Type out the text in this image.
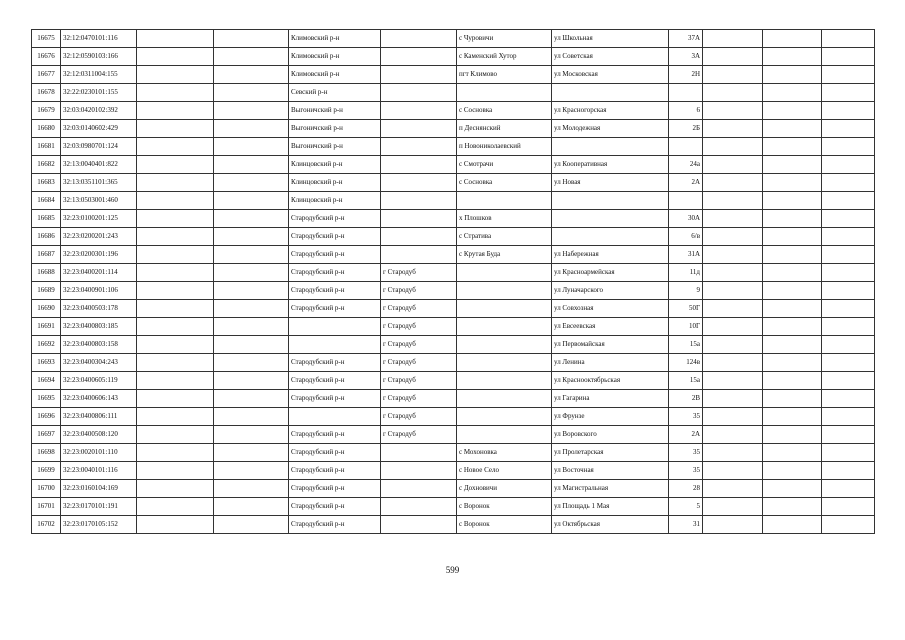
16675	32:12:0470101:116			Климовский р-н		с Чуровичи	ул Школьная	37А			
16676	32:12:0590103:166			Климовский р-н		с Каменский Хутор	ул Советская	3А			
16677	32:12:0311004:155			Климовский р-н		пгт Климово	ул Московская	2Н			
16678	32:22:0230101:155			Севский р-н							
16679	32:03:0420102:392			Выгоничский р-н		с Сосновка	ул Красногорская	6			
16680	32:03:0140602:429			Выгоничский р-н		п Деснянский	ул Молодежная	2Б			
16681	32:03:0980701:124			Выгоничский р-н		п Новониколаевский					
16682	32:13:0040401:822			Клинцовский р-н		с Смотрачи	ул Кооперативная	24а			
16683	32:13:0351101:365			Клинцовский р-н		с Сосновка	ул Новая	2А			
16684	32:13:0503001:460			Клинцовский р-н							
16685	32:23:0100201:125			Стародубский р-н		х Плошков		30А			
16686	32:23:0200201:243			Стародубский р-н		с Стратива		6/в			
16687	32:23:0200301:196			Стародубский р-н		с Крутая Буда	ул Набережная	31А			
16688	32:23:0400201:114			Стародубский р-н	г Стародуб		ул Красноармейская	11д			
16689	32:23:0400901:106			Стародубский р-н	г Стародуб		ул Луначарского	9			
16690	32:23:0400503:178			Стародубский р-н	г Стародуб		ул Совхозная	50Г			
16691	32:23:0400803:185				г Стародуб		ул Евсеевская	10Г			
16692	32:23:0400803:158				г Стародуб		ул Первомайская	15а			
16693	32:23:0400304:243			Стародубский р-н	г Стародуб		ул Ленина	124в			
16694	32:23:0400605:119			Стародубский р-н	г Стародуб		ул Красноoктябрьская	15а			
16695	32:23:0400606:143			Стародубский р-н	г Стародуб		ул Гагарина	2В			
16696	32:23:0400806:111				г Стародуб		ул Фрунзе	35			
16697	32:23:0400508:120			Стародубский р-н	г Стародуб		ул Воровского	2А			
16698	32:23:0020101:110			Стародубский р-н		с Мохоновка	ул Пролетарская	35			
16699	32:23:0040101:116			Стародубский р-н		с Новое Село	ул Восточная	35			
16700	32:23:0160104:169			Стародубский р-н		с Дохновичи	ул Магистральная	28			
16701	32:23:0170101:191			Стародубский р-н		с Воронок	ул Площадь 1 Мая	5			
16702	32:23:0170105:152			Стародубский р-н		с Воронок	ул Октябрьская	31			
599
